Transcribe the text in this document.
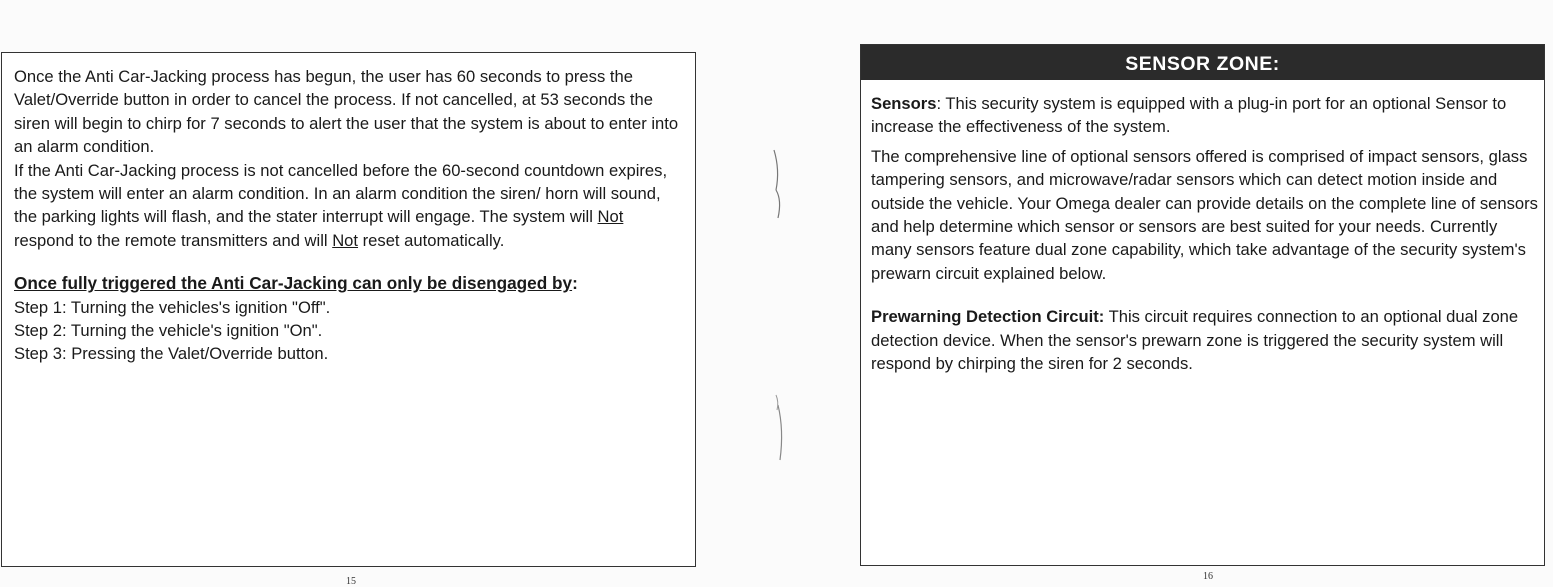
Once the Anti Car-Jacking process has begun, the user has 60 seconds to press the Valet/Override button in order to cancel the process. If not cancelled, at 53 seconds the siren will begin to chirp for 7 seconds to alert the user that the system is about to enter into an alarm condition.

If the Anti Car-Jacking process is not cancelled before the 60-second countdown expires, the system will enter an alarm condition. In an alarm condition the siren/ horn will sound, the parking lights will flash, and the stater interrupt will engage. The system will Not respond to the remote transmitters and will Not reset automatically.

Once fully triggered the Anti Car-Jacking can only be disengaged by:

Step 1: Turning the vehicles's ignition "Off".
Step 2: Turning the vehicle's ignition "On".
Step 3: Pressing the Valet/Override button.
15
SENSOR ZONE:

Sensors: This security system is equipped with a plug-in port for an optional Sensor to increase the effectiveness of the system.

The comprehensive line of optional sensors offered is comprised of impact sensors, glass tampering sensors, and microwave/radar sensors which can detect motion inside and outside the vehicle. Your Omega dealer can provide details on the complete line of sensors and help determine which sensor or sensors are best suited for your needs. Currently many sensors feature dual zone capability, which take advantage of the security system's prewarn circuit explained below.

Prewarning Detection Circuit: This circuit requires connection to an optional dual zone detection device. When the sensor's prewarn zone is triggered the security system will respond by chirping the siren for 2 seconds.

16
